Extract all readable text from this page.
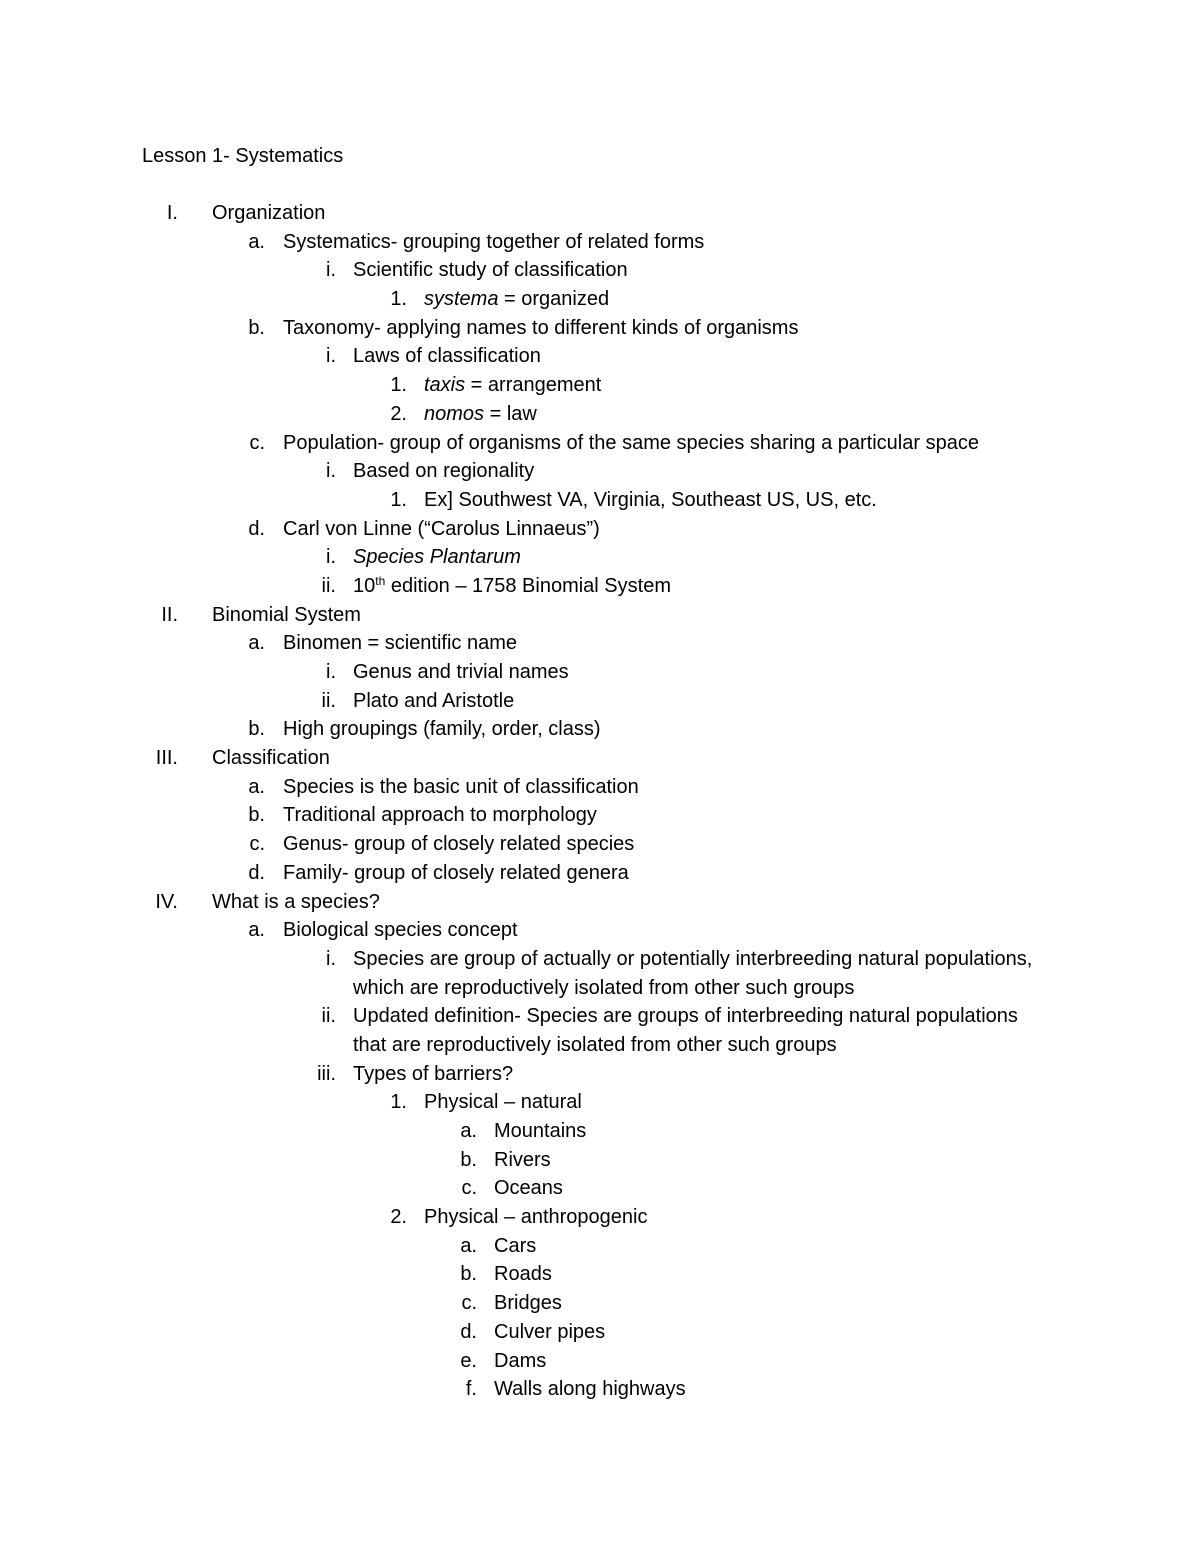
Lesson 1- Systematics
I. Organization
a. Systematics- grouping together of related forms
i. Scientific study of classification
1. systema = organized
b. Taxonomy- applying names to different kinds of organisms
i. Laws of classification
1. taxis = arrangement
2. nomos = law
c. Population- group of organisms of the same species sharing a particular space
i. Based on regionality
1. Ex] Southwest VA, Virginia, Southeast US, US, etc.
d. Carl von Linne (“Carolus Linnaeus”)
i. Species Plantarum
ii. 10th edition – 1758 Binomial System
II. Binomial System
a. Binomen = scientific name
i. Genus and trivial names
ii. Plato and Aristotle
b. High groupings (family, order, class)
III. Classification
a. Species is the basic unit of classification
b. Traditional approach to morphology
c. Genus- group of closely related species
d. Family- group of closely related genera
IV. What is a species?
a. Biological species concept
i. Species are group of actually or potentially interbreeding natural populations, which are reproductively isolated from other such groups
ii. Updated definition- Species are groups of interbreeding natural populations that are reproductively isolated from other such groups
iii. Types of barriers?
1. Physical – natural
a. Mountains
b. Rivers
c. Oceans
2. Physical – anthropogenic
a. Cars
b. Roads
c. Bridges
d. Culver pipes
e. Dams
f. Walls along highways
